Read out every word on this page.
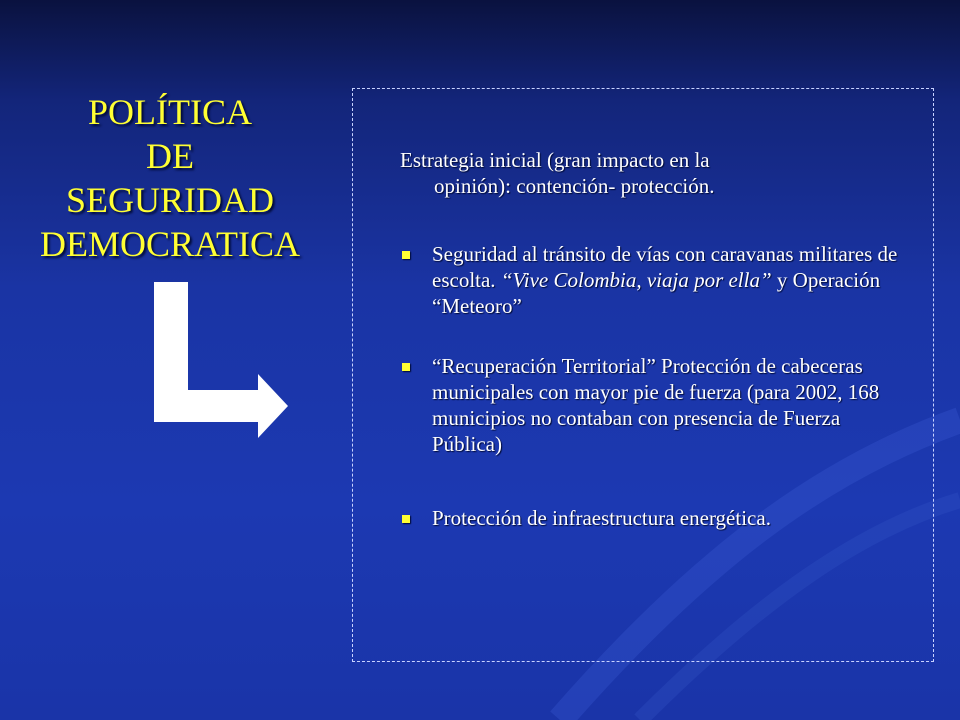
POLÍTICA
DE
SEGURIDAD
DEMOCRATICA
Estrategia inicial (gran impacto en la
opinión): contención- protección.
Seguridad al tránsito de vías con caravanas militares de escolta. “Vive Colombia, viaja por ella” y Operación “Meteoro”
“Recuperación Territorial” Protección de cabeceras municipales con mayor pie de fuerza (para 2002, 168 municipios no contaban con presencia de Fuerza Pública)
Protección de infraestructura energética.
